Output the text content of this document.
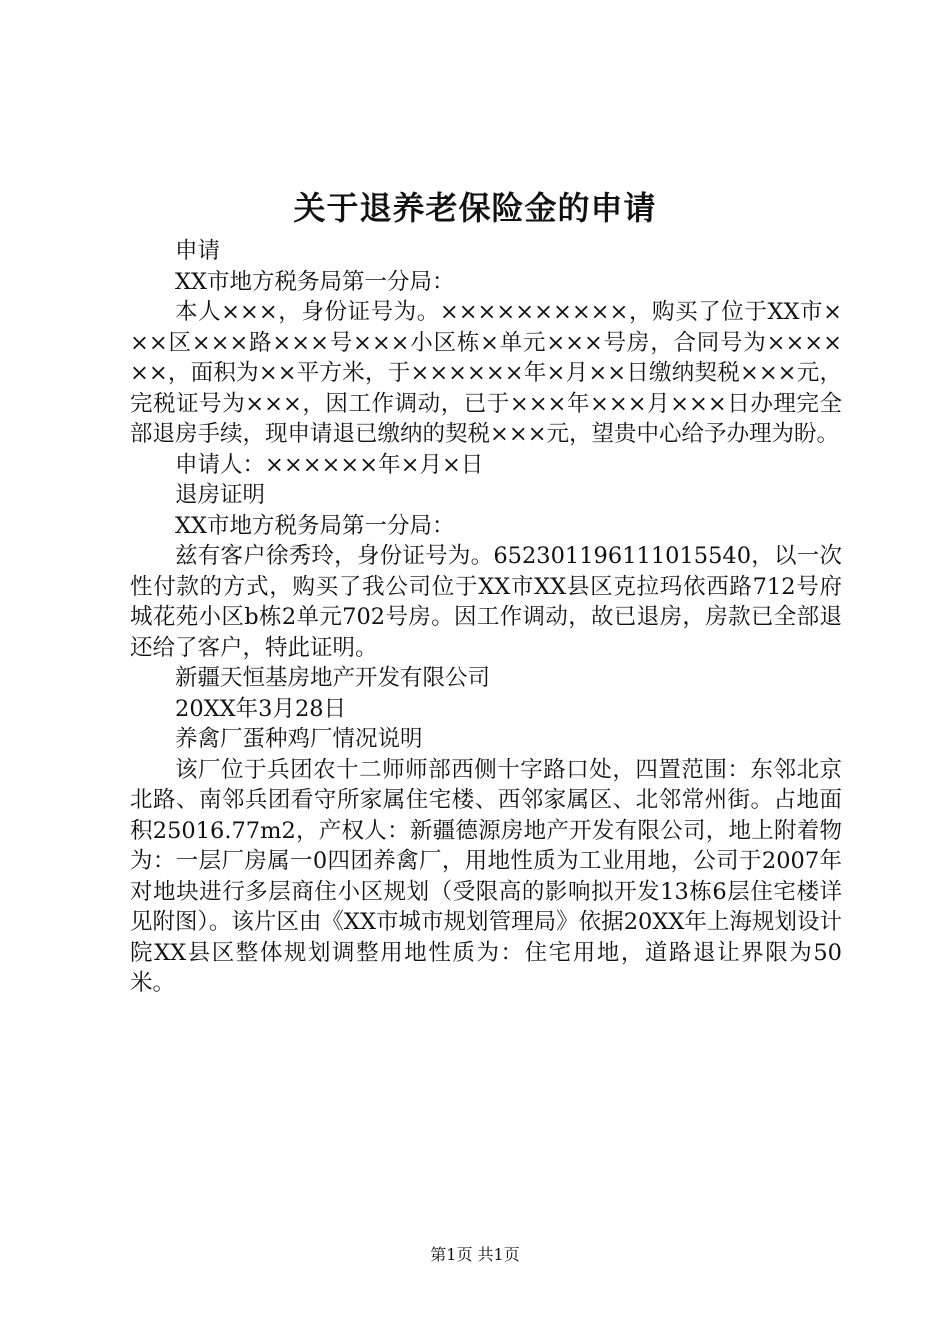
关于退养老保险金的申请

申请

XX市地方税务局第一分局：

本人×××，身份证号为。××××××××××，购买了位于XX市×××区×××路×××号×××小区栋×单元×××号房，合同号为××××××，面积为××平方米，于××××××年×月××日缴纳契税×××元，完税证号为×××，因工作调动，已于×××年×××月×××日办理完全部退房手续，现申请退已缴纳的契税×××元，望贵中心给予办理为盼。

申请人：××××××年×月×日

退房证明

XX市地方税务局第一分局：

兹有客户徐秀玲，身份证号为。652301196111015540，以一次性付款的方式，购买了我公司位于XX市XX县区克拉玛依西路712号府城花苑小区b栋2单元702号房。因工作调动，故已退房，房款已全部退还给了客户，特此证明。

新疆天恒基房地产开发有限公司

20XX年3月28日

养禽厂蛋种鸡厂情况说明

该厂位于兵团农十二师师部西侧十字路口处，四置范围：东邻北京北路、南邻兵团看守所家属住宅楼、西邻家属区、北邻常州街。占地面积25016.77m2，产权人：新疆德源房地产开发有限公司，地上附着物为：一层厂房属一0四团养禽厂，用地性质为工业用地，公司于2007年对地块进行多层商住小区规划（受限高的影响拟开发13栋6层住宅楼详见附图）。该片区由《XX市城市规划管理局》依据20XX年上海规划设计院XX县区整体规划调整用地性质为：住宅用地，道路退让界限为50米。

第1页 共1页
